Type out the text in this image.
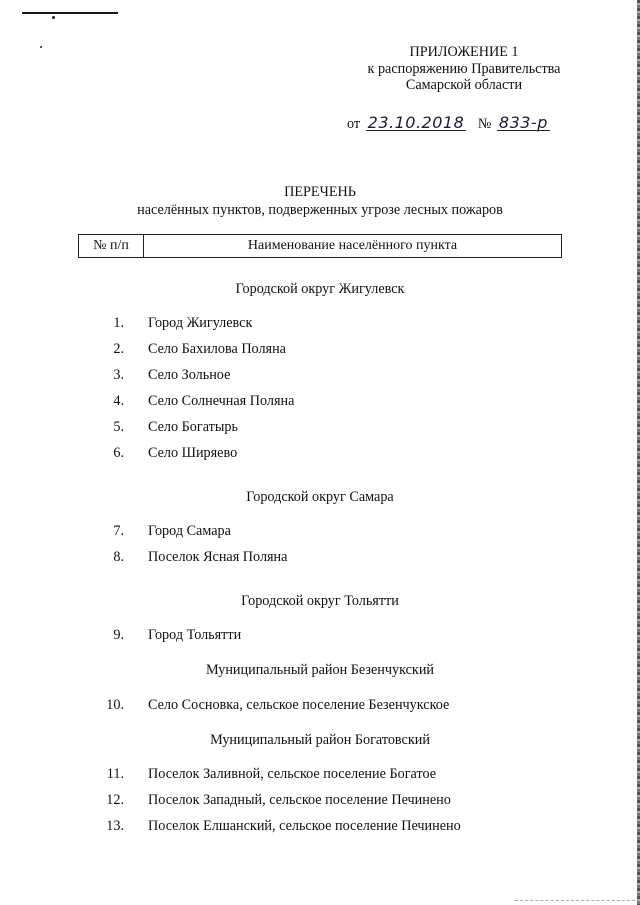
ПРИЛОЖЕНИЕ 1
к распоряжению Правительства
Самарской области
от 23.10.2018 № 833-р
ПЕРЕЧЕНЬ
населённых пунктов, подверженных угрозе лесных пожаров
№ п/п	Наименование населённого пункта
Городской округ Жигулевск
1. Город Жигулевск
2. Село Бахилова Поляна
3. Село Зольное
4. Село Солнечная Поляна
5. Село Богатырь
6. Село Ширяево
Городской округ Самара
7. Город Самара
8. Поселок Ясная Поляна
Городской округ Тольятти
9. Город Тольятти
Муниципальный район Безенчукский
10. Село Сосновка, сельское поселение Безенчукское
Муниципальный район Богатовский
11. Поселок Заливной, сельское поселение Богатое
12. Поселок Западный, сельское поселение Печинено
13. Поселок Елшанский, сельское поселение Печинено
